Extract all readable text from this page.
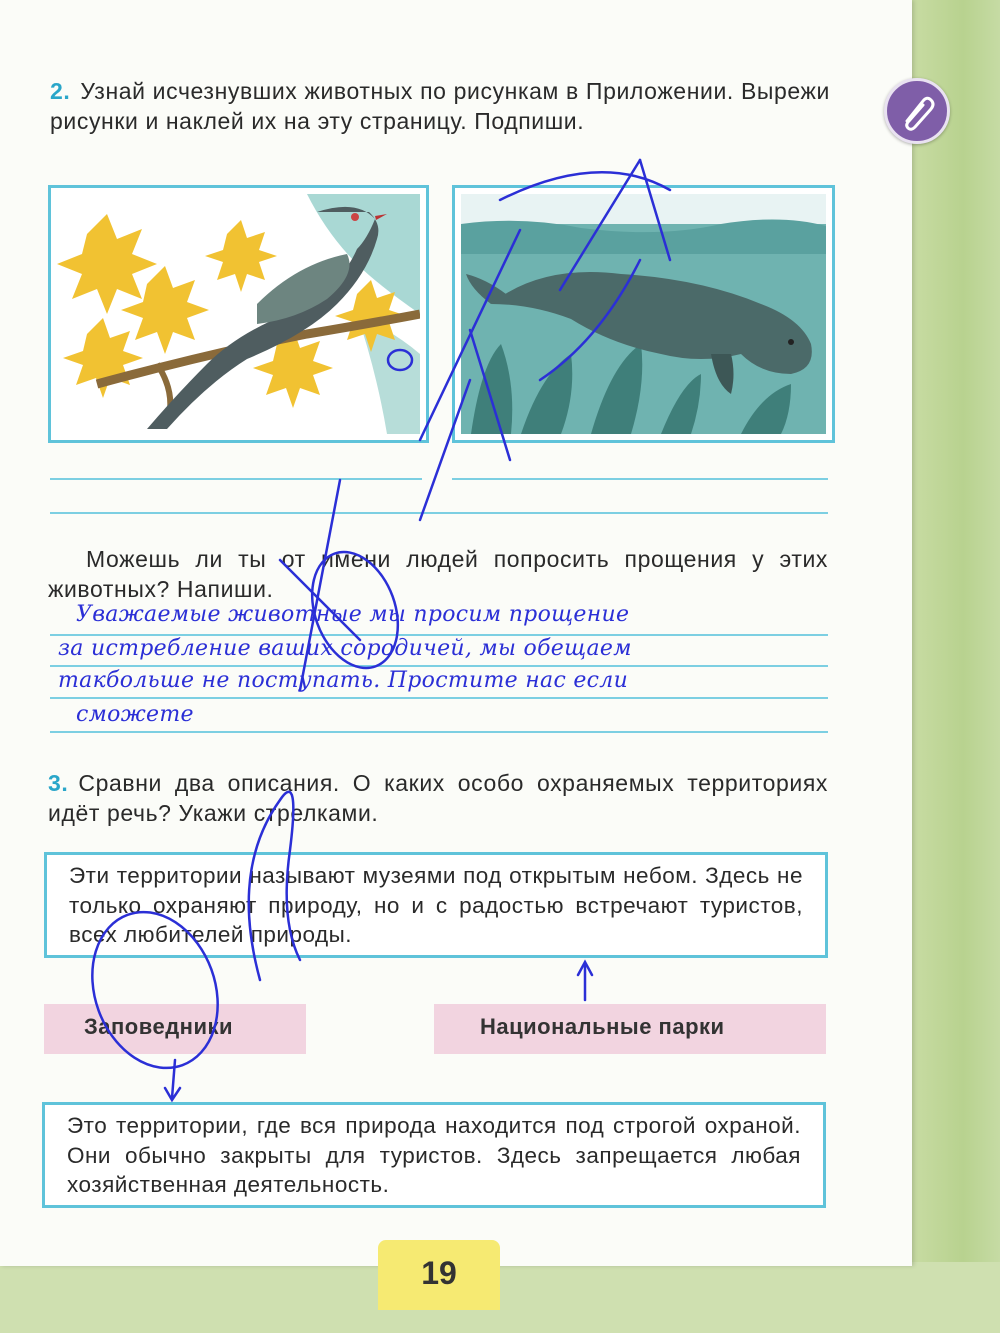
2. Узнай исчезнувших животных по рисункам в Приложении. Вырежи рисунки и наклей их на эту страницу. Подпиши.
Можешь ли ты от имени людей попросить прощения у этих животных? Напиши.
Уважаемые животные мы просим прощение
за истребление ваших сородичей, мы обещаем
такбольше не поступать. Простите нас если
сможете
3. Сравни два описания. О каких особо охраняемых территориях идёт речь? Укажи стрелками.
Эти территории называют музеями под открытым небом. Здесь не только охраняют природу, но и с радостью встречают туристов, всех любителей природы.
Заповедники	Национальные парки
Это территории, где вся природа находится под строгой охраной. Они обычно закрыты для туристов. Здесь запрещается любая хозяйственная деятельность.
19
